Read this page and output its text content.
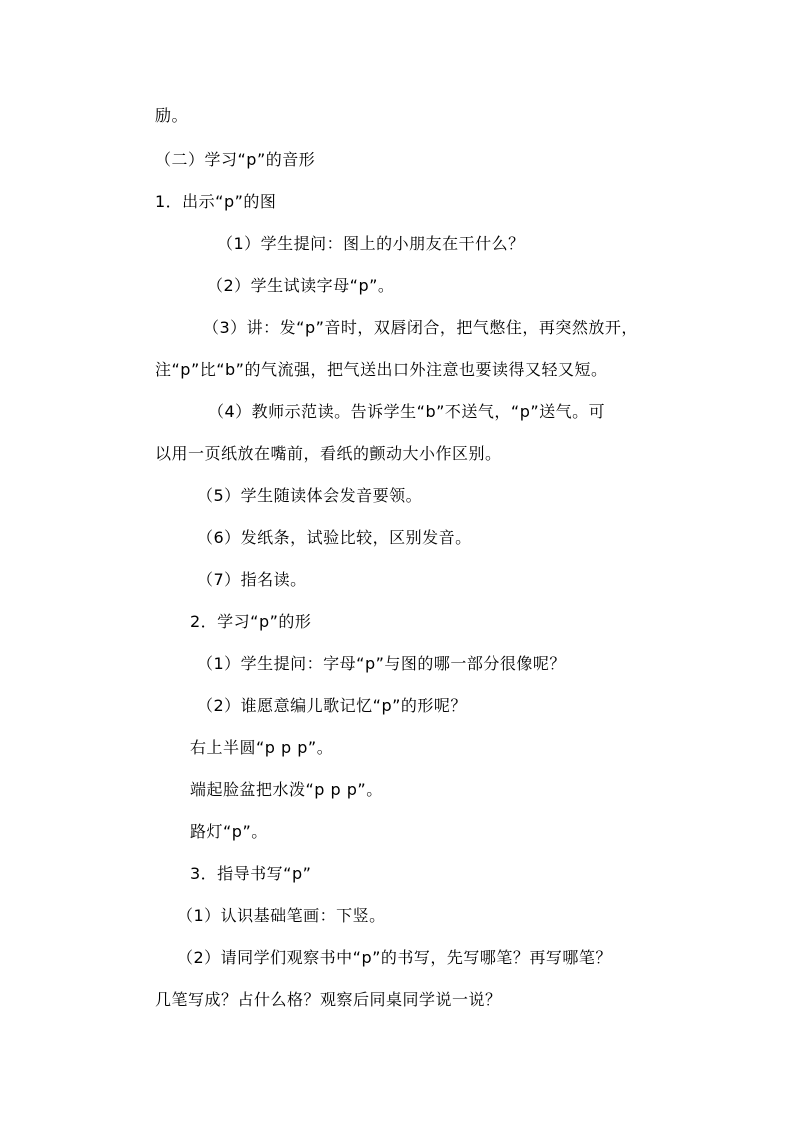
励。
（二）学习“p”的音形
1．出示“p”的图
（1）学生提问：图上的小朋友在干什么？
（2）学生试读字母“p”。
（3）讲：发“p”音时，双唇闭合，把气憋住，再突然放开，
注“p”比“b”的气流强，把气送出口外注意也要读得又轻又短。
（4）教师示范读。告诉学生“b”不送气，“p”送气。可
以用一页纸放在嘴前，看纸的颤动大小作区别。
（5）学生随读体会发音要领。
（6）发纸条，试验比较，区别发音。
（7）指名读。
2．学习“p”的形
（1）学生提问：字母“p”与图的哪一部分很像呢？
（2）谁愿意编儿歌记忆“p”的形呢？
右上半圆“p p p”。
端起脸盆把水泼“p p p”。
路灯“p”。
3．指导书写“p”
（1）认识基础笔画：下竖。
（2）请同学们观察书中“p”的书写，先写哪笔？再写哪笔？
几笔写成？占什么格？观察后同桌同学说一说？
